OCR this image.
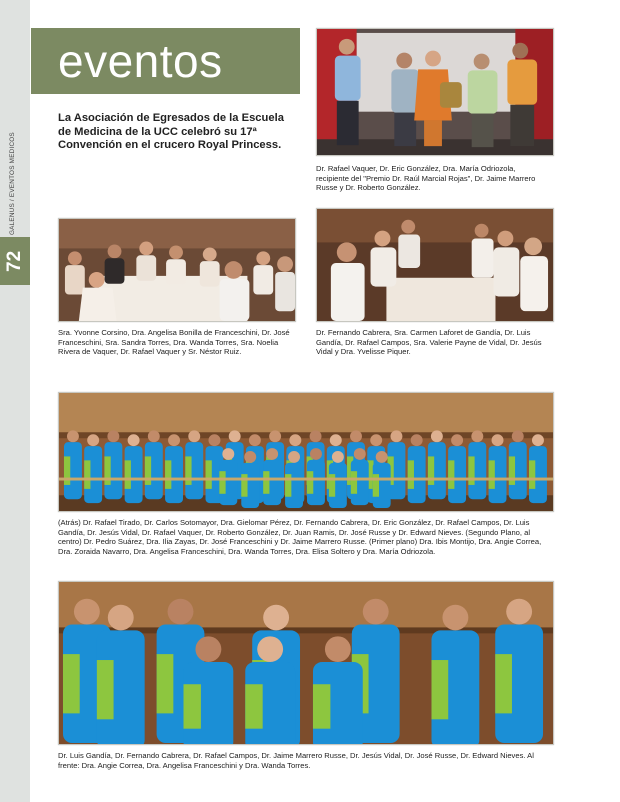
72
GALENUS / EVENTOS MEDICOS
eventos

La Asociación de Egresados de la Escuela de Medicina de la UCC celebró su 17ª Convención en el crucero Royal Princess.

Dr. Rafael Vaquer, Dr. Eric González, Dra. María Odriozola, recipiente del "Premio Dr. Raúl Marcial Rojas", Dr. Jaime Marrero Russe y Dr. Roberto González.

Sra. Yvonne Corsino, Dra. Angelisa Bonilla de Franceschini, Dr. José Franceschini, Sra. Sandra Torres, Dra. Wanda Torres, Sra. Noelia Rivera de Vaquer, Dr. Rafael Vaquer y Sr. Néstor Ruiz.

Dr. Fernando Cabrera, Sra. Carmen Laforet de Gandía, Dr. Luis Gandía, Dr. Rafael Campos, Sra. Valerie Payne de Vidal, Dr. Jesús Vidal y Dra. Yvelisse Piquer.

(Atrás) Dr. Rafael Tirado, Dr. Carlos Sotomayor, Dra. Gielomar Pérez, Dr. Fernando Cabrera, Dr. Eric González, Dr. Rafael Campos, Dr. Luis Gandía, Dr. Jesús Vidal, Dr. Rafael Vaquer, Dr. Roberto González, Dr. Juan Ramis, Dr. José Russe y Dr. Edward Nieves. (Segundo Plano, al centro) Dr. Pedro Suárez, Dra. Ilia Zayas, Dr. José Franceschini y Dr. Jaime Marrero Russe. (Primer plano) Dra. Ibis Montijo, Dra. Angie Correa, Dra. Zoraida Navarro, Dra. Angelisa Franceschini, Dra. Wanda Torres, Dra. Elisa Soltero y Dra. María Odriozola.

Dr. Luis Gandía, Dr. Fernando Cabrera, Dr. Rafael Campos, Dr. Jaime Marrero Russe, Dr. Jesús Vidal, Dr. José Russe, Dr. Edward Nieves. Al frente: Dra. Angie Correa, Dra. Angelisa Franceschini y Dra. Wanda Torres.
